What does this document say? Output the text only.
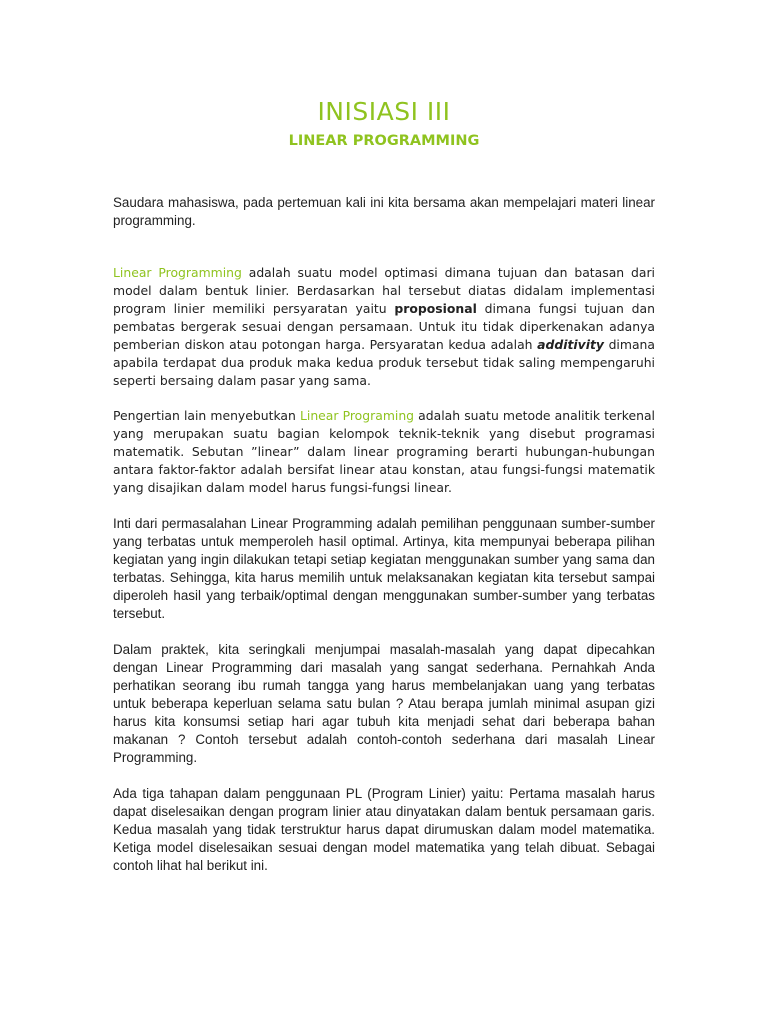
INISIASI III
LINEAR PROGRAMMING

Saudara mahasiswa, pada pertemuan kali ini kita bersama akan mempelajari materi linear programming.

Linear Programming adalah suatu model optimasi dimana tujuan dan batasan dari model dalam bentuk linier. Berdasarkan hal tersebut diatas didalam implementasi program linier memiliki persyaratan yaitu proposional dimana fungsi tujuan dan pembatas bergerak sesuai dengan persamaan. Untuk itu tidak diperkenakan adanya pemberian diskon atau potongan harga. Persyaratan kedua adalah additivity dimana apabila terdapat dua produk maka kedua produk tersebut tidak saling mempengaruhi seperti bersaing dalam pasar yang sama.

Pengertian lain menyebutkan Linear Programing adalah suatu metode analitik terkenal yang merupakan suatu bagian kelompok teknik-teknik yang disebut programasi matematik. Sebutan ”linear” dalam linear programing berarti hubungan-hubungan antara faktor-faktor adalah bersifat linear atau konstan, atau fungsi-fungsi matematik yang disajikan dalam model harus fungsi-fungsi linear.

Inti dari permasalahan Linear Programming adalah pemilihan penggunaan sumber-sumber yang terbatas untuk memperoleh hasil optimal. Artinya, kita mempunyai beberapa pilihan kegiatan yang ingin dilakukan tetapi setiap kegiatan menggunakan sumber yang sama dan terbatas. Sehingga, kita harus memilih untuk melaksanakan kegiatan kita tersebut sampai diperoleh hasil yang terbaik/optimal dengan menggunakan sumber-sumber yang terbatas tersebut.

Dalam praktek, kita seringkali menjumpai masalah-masalah yang dapat dipecahkan dengan Linear Programming dari masalah yang sangat sederhana. Pernahkah Anda perhatikan seorang ibu rumah tangga yang harus membelanjakan uang yang terbatas untuk beberapa keperluan selama satu bulan ? Atau berapa jumlah minimal asupan gizi harus kita konsumsi setiap hari agar tubuh kita menjadi sehat dari beberapa bahan makanan ? Contoh tersebut adalah contoh-contoh sederhana dari masalah Linear Programming.

Ada tiga tahapan dalam penggunaan PL (Program Linier) yaitu: Pertama masalah harus dapat diselesaikan dengan program linier atau dinyatakan dalam bentuk persamaan garis. Kedua masalah yang tidak terstruktur harus dapat dirumuskan dalam model matematika. Ketiga model diselesaikan sesuai dengan model matematika yang telah dibuat. Sebagai contoh lihat hal berikut ini.
